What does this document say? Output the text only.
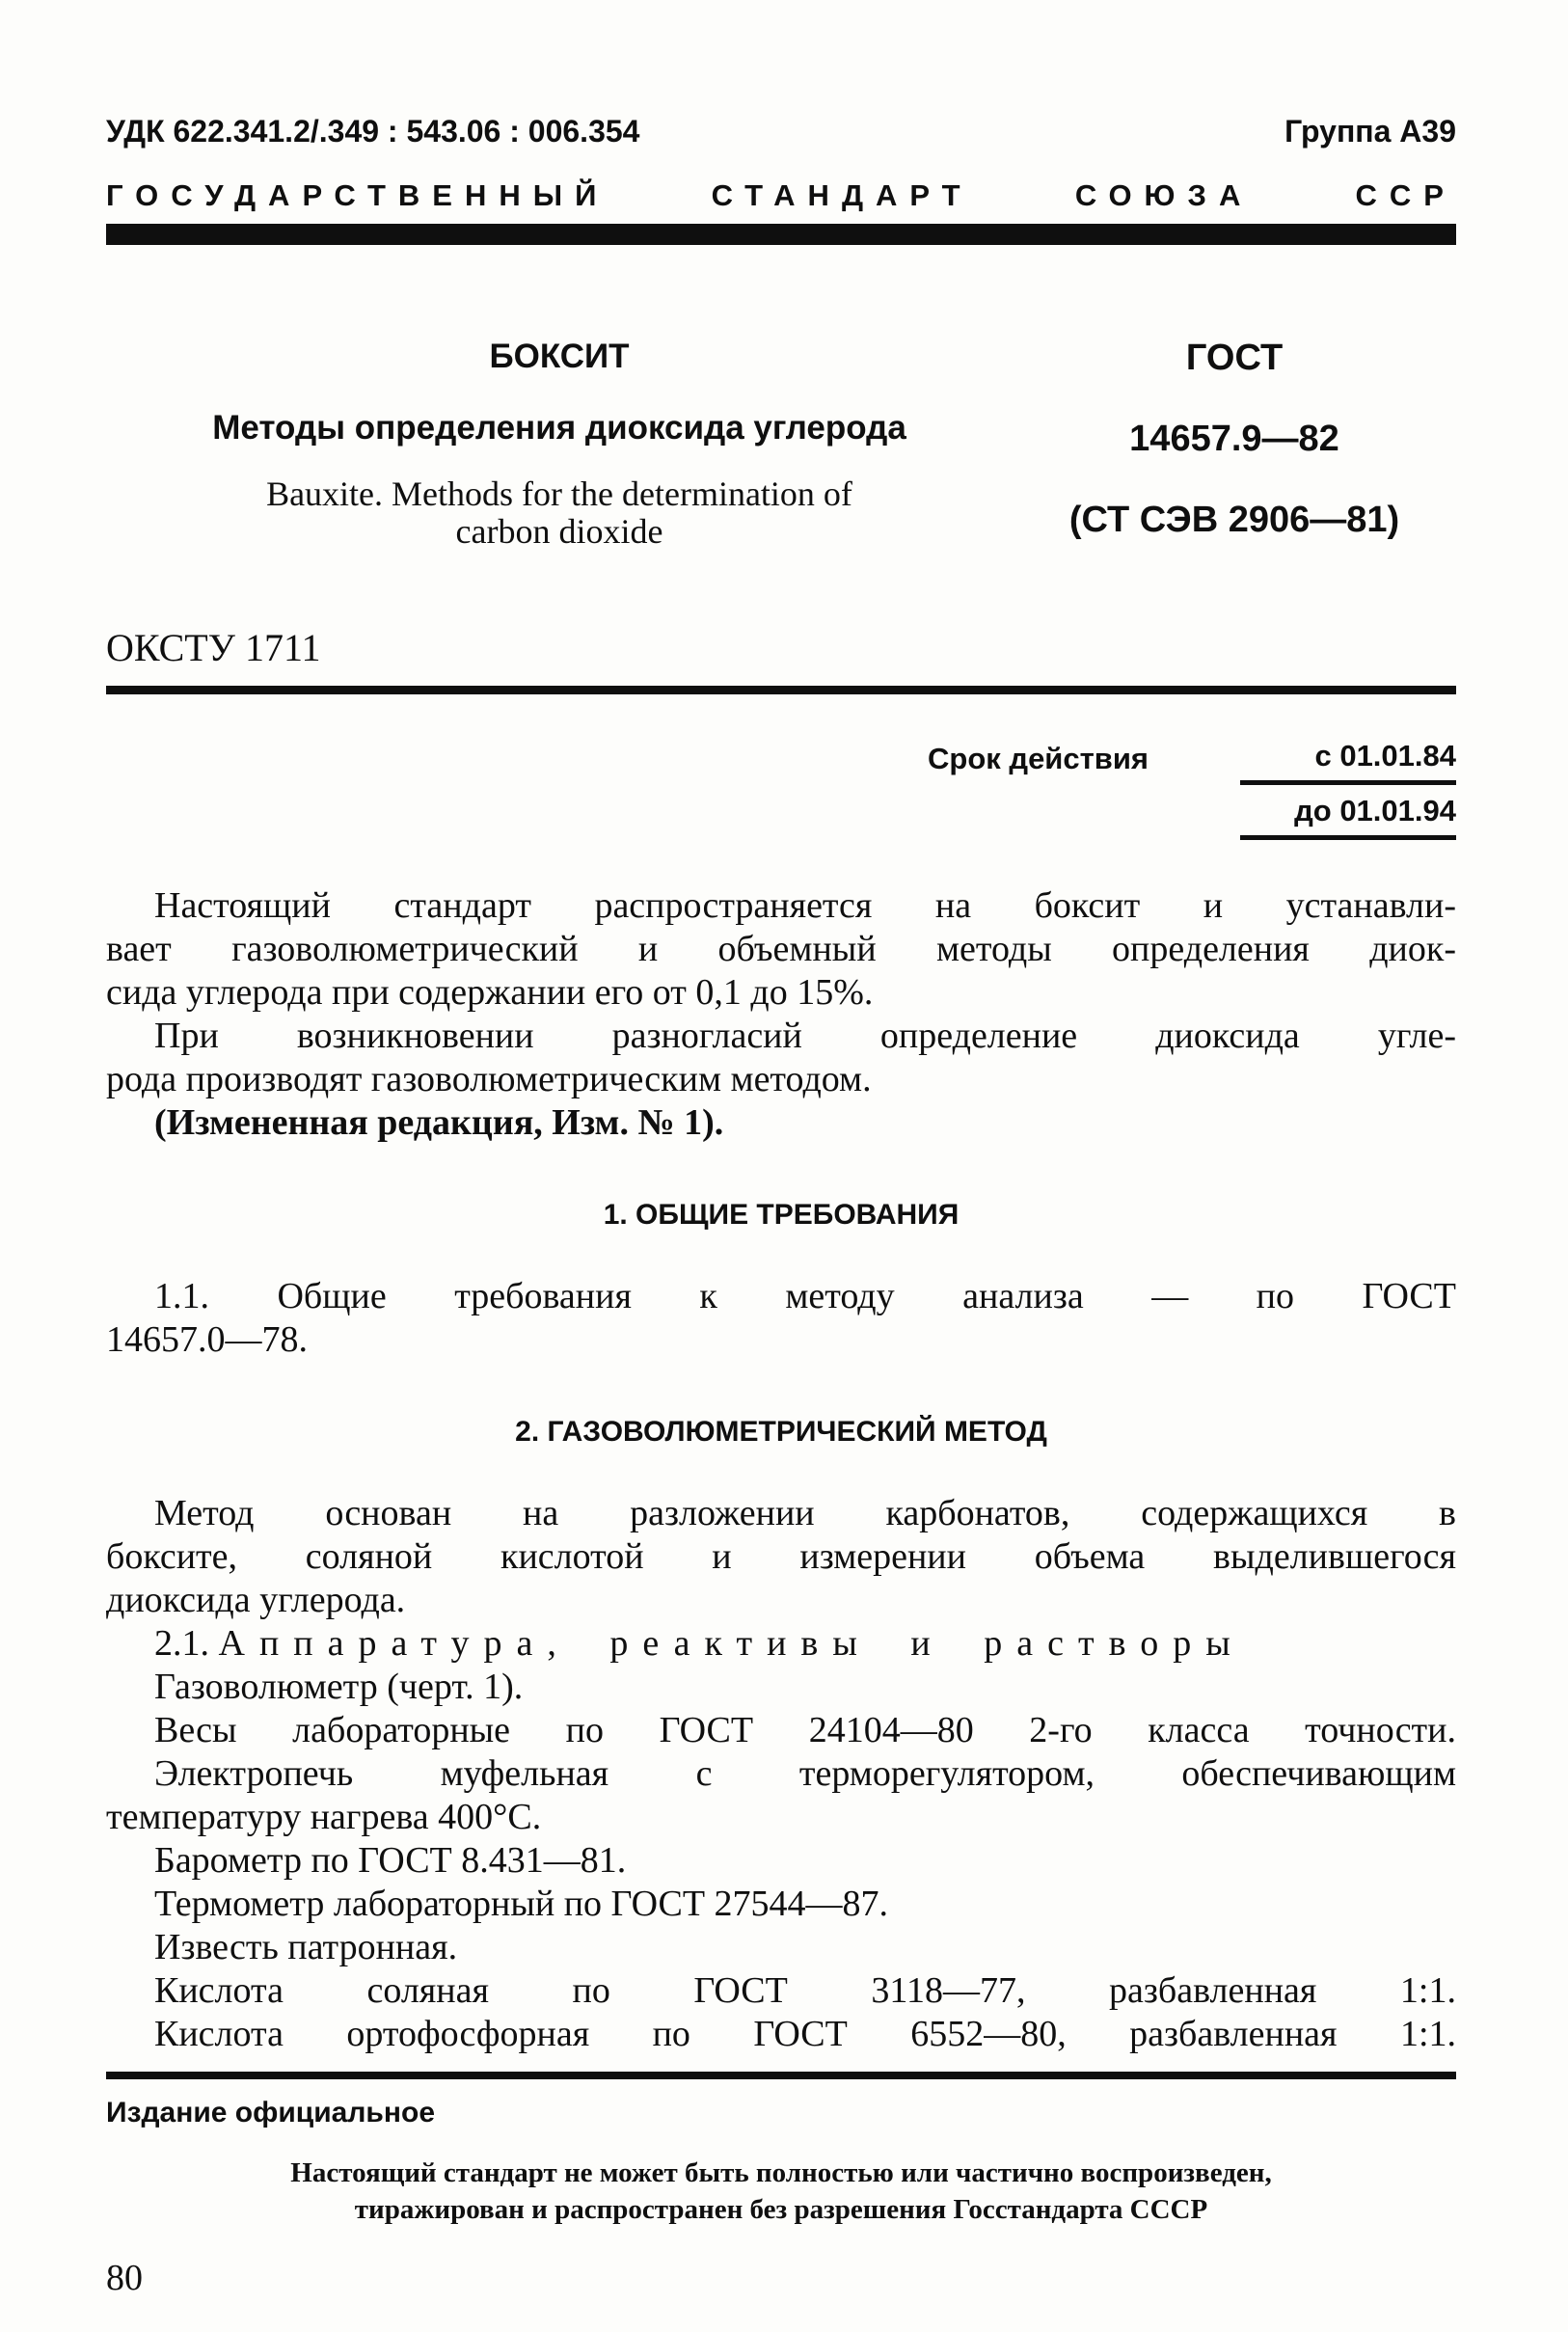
УДК 622.341.2/.349 : 543.06 : 006.354	Группа А39
ГОСУДАРСТВЕННЫЙ СТАНДАРТ СОЮЗА ССР
БОКСИТ
Методы определения диоксида углерода
Bauxite. Methods for the determination of
carbon dioxide
ГОСТ
14657.9—82
(СТ СЭВ 2906—81)
ОКСТУ 1711
Срок действия	с 01.01.84
до 01.01.94
Настоящий стандарт распространяется на боксит и устанавли-
вает газоволюметрический и объемный методы определения диок-
сида углерода при содержании его от 0,1 до 15%.
При возникновении разногласий определение диоксида угле-
рода производят газоволюметрическим методом.
(Измененная редакция, Изм. № 1).
1. ОБЩИЕ ТРЕБОВАНИЯ
1.1. Общие требования к методу анализа — по ГОСТ
14657.0—78.
2. ГАЗОВОЛЮМЕТРИЧЕСКИЙ МЕТОД
Метод основан на разложении карбонатов, содержащихся в
боксите, соляной кислотой и измерении объема выделившегося
диоксида углерода.
2.1. Аппаратура, реактивы и растворы
Газоволюметр (черт. 1).
Весы лабораторные по ГОСТ 24104—80 2-го класса точности.
Электропечь муфельная с терморегулятором, обеспечивающим
температуру нагрева 400°С.
Барометр по ГОСТ 8.431—81.
Термометр лабораторный по ГОСТ 27544—87.
Известь патронная.
Кислота соляная по ГОСТ 3118—77, разбавленная 1:1.
Кислота ортофосфорная по ГОСТ 6552—80, разбавленная 1:1.
Издание официальное
Настоящий стандарт не может быть полностью или частично воспроизведен,
тиражирован и распространен без разрешения Госстандарта СССР
80
